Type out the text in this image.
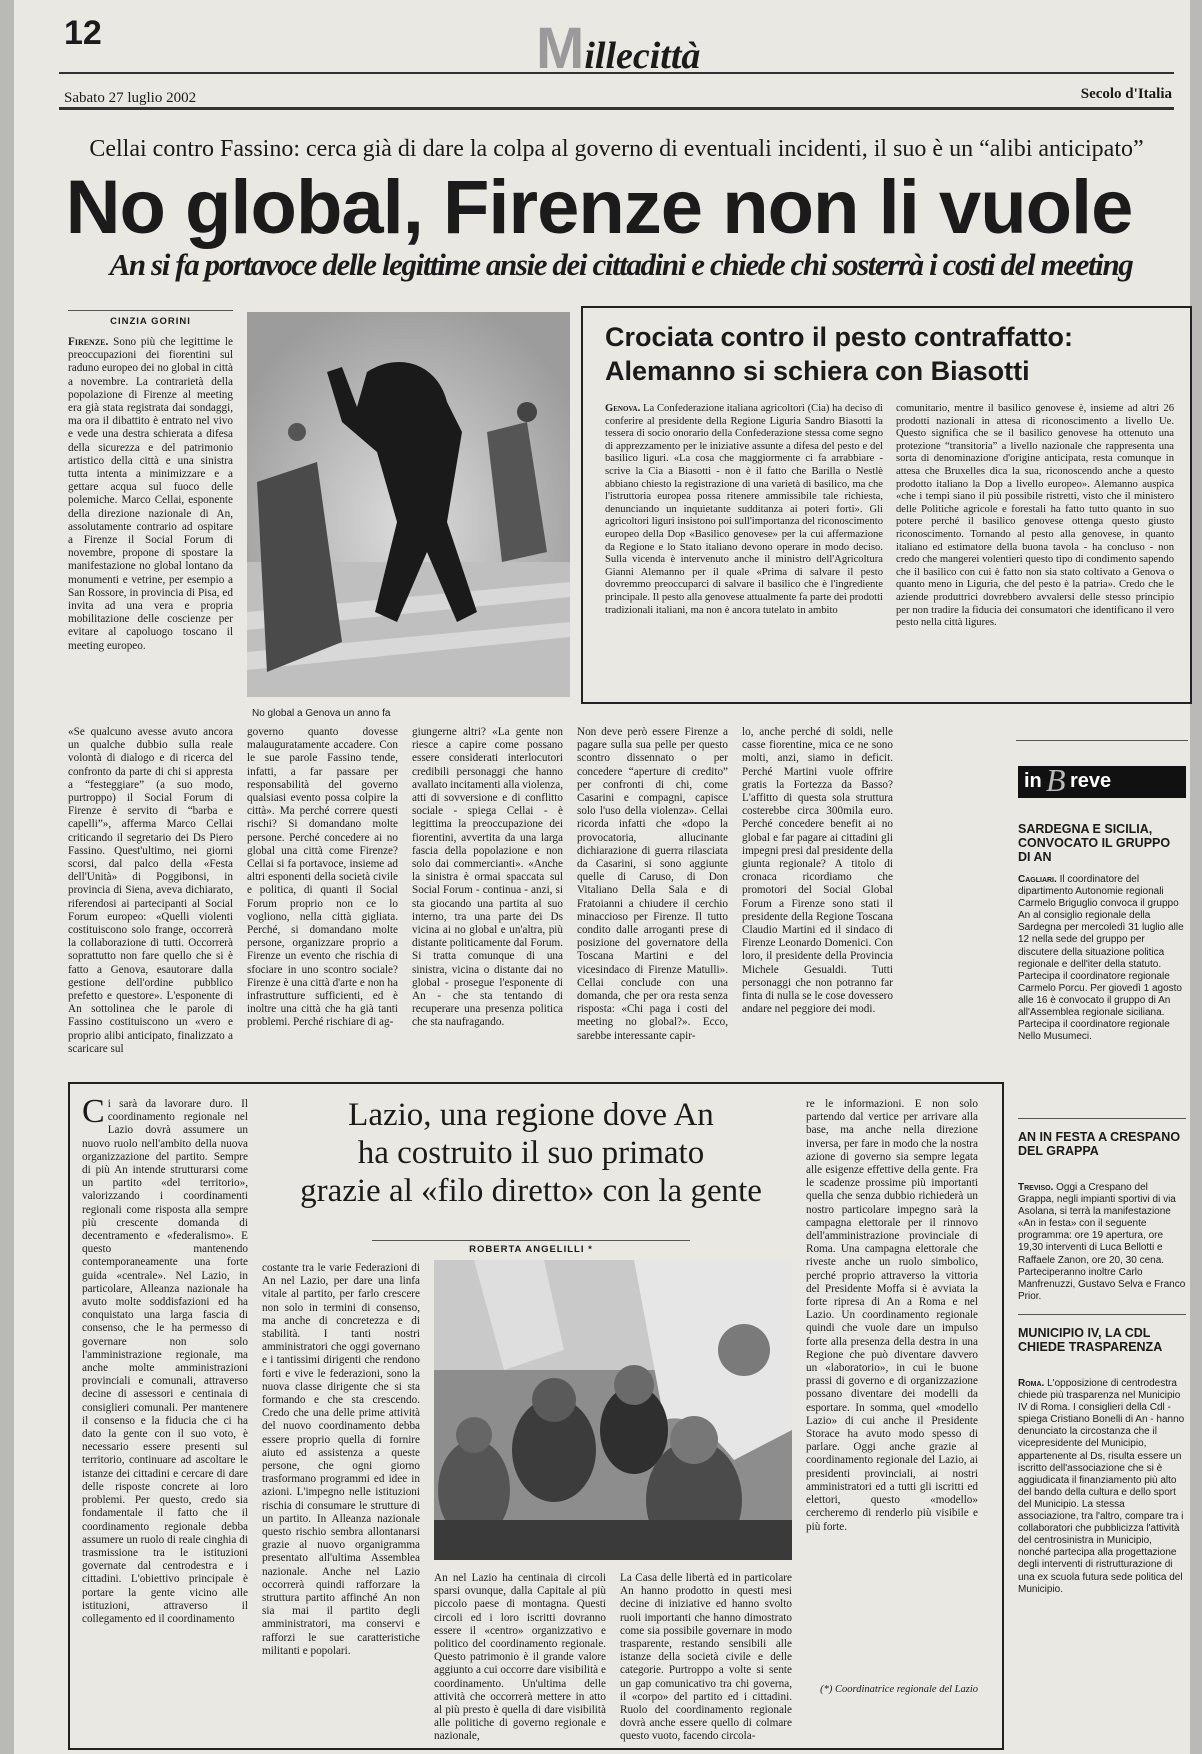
12	Millecittà
Sabato 27 luglio 2002	Secolo d'Italia
Cellai contro Fassino: cerca già di dare la colpa al governo di eventuali incidenti, il suo è un “alibi anticipato”
No global, Firenze non li vuole
An si fa portavoce delle legittime ansie dei cittadini e chiede chi sosterrà i costi del meeting
CINZIA GORINI
Firenze. Sono più che legittime le preoccupazioni dei fiorentini sul raduno europeo dei no global in città a novembre. La contrarietà della popolazione di Firenze al meeting era già stata registrata dai sondaggi, ma ora il dibattito è entrato nel vivo e vede una destra schierata a difesa della sicurezza e del patrimonio artistico della città e una sinistra tutta intenta a minimizzare e a gettare acqua sul fuoco delle polemiche. Marco Cellai, esponente della direzione nazionale di An, assolutamente contrario ad ospitare a Firenze il Social Forum di novembre, propone di spostare la manifestazione no global lontano da monumenti e vetrine, per esempio a San Rossore, in provincia di Pisa, ed invita ad una vera e propria mobilitazione delle coscienze per evitare al capoluogo toscano il meeting europeo.
No global a Genova un anno fa
«Se qualcuno avesse avuto ancora un qualche dubbio sulla reale volontà di dialogo e di ricerca del confronto da parte di chi si appresta a “festeggiare” (a suo modo, purtroppo) il Social Forum di Firenze è servito di “barba e capelli”», afferma Marco Cellai criticando il segretario dei Ds Piero Fassino. Quest'ultimo, nei giorni scorsi, dal palco della «Festa dell'Unità» di Poggibonsi, in provincia di Siena, aveva dichiarato, riferendosi ai partecipanti al Social Forum europeo: «Quelli violenti costituiscono solo frange, occorrerà la collaborazione di tutti. Occorrerà soprattutto non fare quello che si è fatto a Genova, esautorare dalla gestione dell'ordine pubblico prefetto e questore». L'esponente di An sottolinea che le parole di Fassino costituiscono un «vero e proprio alibi anticipato, finalizzato a scaricare sul
governo quanto dovesse malauguratamente accadere. Con le sue parole Fassino tende, infatti, a far passare per responsabilità del governo qualsiasi evento possa colpire la città». Ma perché correre questi rischi? Si domandano molte persone. Perché concedere ai no global una città come Firenze? Cellai si fa portavoce, insieme ad altri esponenti della società civile e politica, di quanti il Social Forum proprio non ce lo vogliono, nella città gigliata. Perché, si domandano molte persone, organizzare proprio a Firenze un evento che rischia di sfociare in uno scontro sociale? Firenze è una città d'arte e non ha infrastrutture sufficienti, ed è inoltre una città che ha già tanti problemi. Perché rischiare di ag-
giungerne altri? «La gente non riesce a capire come possano essere considerati interlocutori credibili personaggi che hanno avallato incitamenti alla violenza, atti di sovversione e di conflitto sociale - spiega Cellai - è legittima la preoccupazione dei fiorentini, avvertita da una larga fascia della popolazione e non solo dai commercianti». «Anche la sinistra è ormai spaccata sul Social Forum - continua - anzi, si sta giocando una partita al suo interno, tra una parte dei Ds vicina ai no global e un'altra, più distante politicamente dal Forum. Si tratta comunque di una sinistra, vicina o distante dai no global - prosegue l'esponente di An - che sta tentando di recuperare una presenza politica che sta naufragando.
Non deve però essere Firenze a pagare sulla sua pelle per questo scontro dissennato o per concedere “aperture di credito” per confronti di chi, come Casarini e compagni, capisce solo l'uso della violenza». Cellai ricorda infatti che «dopo la provocatoria, allucinante dichiarazione di guerra rilasciata da Casarini, si sono aggiunte quelle di Caruso, di Don Vitaliano Della Sala e di Fratoianni a chiudere il cerchio minaccioso per Firenze. Il tutto condito dalle arroganti prese di posizione del governatore della Toscana Martini e del vicesindaco di Firenze Matulli». Cellai conclude con una domanda, che per ora resta senza risposta: «Chi paga i costi del meeting no global?». Ecco, sarebbe interessante capir-
lo, anche perché di soldi, nelle casse fiorentine, mica ce ne sono molti, anzi, siamo in deficit. Perché Martini vuole offrire gratis la Fortezza da Basso? L'affitto di questa sola struttura costerebbe circa 300mila euro. Perché concedere benefit ai no global e far pagare ai cittadini gli impegni presi dal presidente della giunta regionale? A titolo di cronaca ricordiamo che promotori del Social Global Forum a Firenze sono stati il presidente della Regione Toscana Claudio Martini ed il sindaco di Firenze Leonardo Domenici. Con loro, il presidente della Provincia Michele Gesualdi. Tutti personaggi che non potranno far finta di nulla se le cose dovessero andare nel peggiore dei modi.
Crociata contro il pesto contraffatto:
Alemanno si schiera con Biasotti
Genova. La Confederazione italiana agricoltori (Cia) ha deciso di conferire al presidente della Regione Liguria Sandro Biasotti la tessera di socio onorario della Confederazione stessa come segno di apprezzamento per le iniziative assunte a difesa del pesto e del basilico liguri. «La cosa che maggiormente ci fa arrabbiare - scrive la Cia a Biasotti - non è il fatto che Barilla o Nestlè abbiano chiesto la registrazione di una varietà di basilico, ma che l'istruttoria europea possa ritenere ammissibile tale richiesta, denunciando un inquietante sudditanza ai poteri forti». Gli agricoltori liguri insistono poi sull'importanza del riconoscimento europeo della Dop «Basilico genovese» per la cui affermazione da Regione e lo Stato italiano devono operare in modo deciso. Sulla vicenda è intervenuto anche il ministro dell'Agricoltura Gianni Alemanno per il quale «Prima di salvare il pesto dovremmo preoccuparci di salvare il basilico che è l'ingrediente principale. Il pesto alla genovese attualmente fa parte dei prodotti tradizionali italiani, ma non è ancora tutelato in ambito
comunitario, mentre il basilico genovese è, insieme ad altri 26 prodotti nazionali in attesa di riconoscimento a livello Ue. Questo significa che se il basilico genovese ha ottenuto una protezione “transitoria” a livello nazionale che rappresenta una sorta di denominazione d'origine anticipata, resta comunque in attesa che Bruxelles dica la sua, riconoscendo anche a questo prodotto italiano la Dop a livello europeo». Alemanno auspica «che i tempi siano il più possibile ristretti, visto che il ministero delle Politiche agricole e forestali ha fatto tutto quanto in suo potere perché il basilico genovese ottenga questo giusto riconoscimento. Tornando al pesto alla genovese, in quanto italiano ed estimatore della buona tavola - ha concluso - non credo che mangerei volentieri questo tipo di condimento sapendo che il basilico con cui è fatto non sia stato coltivato a Genova o quanto meno in Liguria, che del pesto è la patria». Credo che le aziende produttrici dovrebbero avvalersi delle stesso principio per non tradire la fiducia dei consumatori che identificano il vero pesto nella città ligures.
in B reve
SARDEGNA E SICILIA, CONVOCATO IL GRUPPO DI AN
Cagliari. Il coordinatore del dipartimento Autonomie regionali Carmelo Briguglio convoca il gruppo An al consiglio regionale della Sardegna per mercoledì 31 luglio alle 12 nella sede del gruppo per discutere della situazione politica regionale e dell'iter della statuto. Partecipa il coordinatore regionale Carmelo Porcu. Per giovedì 1 agosto alle 16 è convocato il gruppo di An all'Assemblea regionale siciliana. Partecipa il coordinatore regionale Nello Musumeci.
AN IN FESTA A CRESPANO DEL GRAPPA
Treviso. Oggi a Crespano del Grappa, negli impianti sportivi di via Asolana, si terrà la manifestazione «An in festa» con il seguente programma: ore 19 apertura, ore 19,30 interventi di Luca Bellotti e Raffaele Zanon, ore 20, 30 cena. Parteciperanno inoltre Carlo Manfrenuzzi, Gustavo Selva e Franco Prior.
MUNICIPIO IV, LA CDL CHIEDE TRASPARENZA
Roma. L'opposizione di centrodestra chiede più trasparenza nel Municipio IV di Roma. I consiglieri della Cdl - spiega Cristiano Bonelli di An - hanno denunciato la circostanza che il vicepresidente del Municipio, appartenente al Ds, risulta essere un iscritto dell'associazione che si è aggiudicata il finanziamento più alto del bando della cultura e dello sport del Municipio. La stessa associazione, tra l'altro, compare tra i collaboratori che pubblicizza l'attività del centrosinistra in Municipio, nonché partecipa alla progettazione degli interventi di ristrutturazione di una ex scuola futura sede politica del Municipio.
Ci sarà da lavorare duro. Il coordinamento regionale nel Lazio dovrà assumere un nuovo ruolo nell'ambito della nuova organizzazione del partito. Sempre di più An intende strutturarsi come un partito «del territorio», valorizzando i coordinamenti regionali come risposta alla sempre più crescente domanda di decentramento e «federalismo». E questo mantenendo contemporaneamente una forte guida «centrale». Nel Lazio, in particolare, Alleanza nazionale ha avuto molte soddisfazioni ed ha conquistato una larga fascia di consenso, che le ha permesso di governare non solo l'amministrazione regionale, ma anche molte amministrazioni provinciali e comunali, attraverso decine di assessori e centinaia di consiglieri comunali. Per mantenere il consenso e la fiducia che ci ha dato la gente con il suo voto, è necessario essere presenti sul territorio, continuare ad ascoltare le istanze dei cittadini e cercare di dare delle risposte concrete ai loro problemi. Per questo, credo sia fondamentale il fatto che il coordinamento regionale debba assumere un ruolo di reale cinghia di trasmissione tra le istituzioni governate dal centrodestra e i cittadini. L'obiettivo principale è portare la gente vicino alle istituzioni, attraverso il collegamento ed il coordinamento
Lazio, una regione dove An
ha costruito il suo primato
grazie al «filo diretto» con la gente
ROBERTA ANGELILLI *
costante tra le varie Federazioni di An nel Lazio, per dare una linfa vitale al partito, per farlo crescere non solo in termini di consenso, ma anche di concretezza e di stabilità. I tanti nostri amministratori che oggi governano e i tantissimi dirigenti che rendono forti e vive le federazioni, sono la nuova classe dirigente che si sta formando e che sta crescendo. Credo che una delle prime attività del nuovo coordinamento debba essere proprio quella di fornire aiuto ed assistenza a queste persone, che ogni giorno trasformano programmi ed idee in azioni. L'impegno nelle istituzioni rischia di consumare le strutture di un partito. In Alleanza nazionale questo rischio sembra allontanarsi grazie al nuovo organigramma presentato all'ultima Assemblea nazionale. Anche nel Lazio occorrerà quindi rafforzare la struttura partito affinché An non sia mai il partito degli amministratori, ma conservi e rafforzi le sue caratteristiche militanti e popolari.
An nel Lazio ha centinaia di circoli sparsi ovunque, dalla Capitale al più piccolo paese di montagna. Questi circoli ed i loro iscritti dovranno essere il «centro» organizzativo e politico del coordinamento regionale. Questo patrimonio è il grande valore aggiunto a cui occorre dare visibilità e coordinamento. Un'ultima delle attività che occorrerà mettere in atto al più presto è quella di dare visibilità alle politiche di governo regionale e nazionale,
La Casa delle libertà ed in particolare An hanno prodotto in questi mesi decine di iniziative ed hanno svolto ruoli importanti che hanno dimostrato come sia possibile governare in modo trasparente, restando sensibili alle istanze della società civile e delle categorie. Purtroppo a volte si sente un gap comunicativo tra chi governa, il «corpo» del partito ed i cittadini. Ruolo del coordinamento regionale dovrà anche essere quello di colmare questo vuoto, facendo circola-
re le informazioni. E non solo partendo dal vertice per arrivare alla base, ma anche nella direzione inversa, per fare in modo che la nostra azione di governo sia sempre legata alle esigenze effettive della gente. Fra le scadenze prossime più importanti quella che senza dubbio richiederà un nostro particolare impegno sarà la campagna elettorale per il rinnovo dell'amministrazione provinciale di Roma. Una campagna elettorale che riveste anche un ruolo simbolico, perché proprio attraverso la vittoria del Presidente Moffa si è avviata la forte ripresa di An a Roma e nel Lazio. Un coordinamento regionale quindi che vuole dare un impulso forte alla presenza della destra in una Regione che può diventare davvero un «laboratorio», in cui le buone prassi di governo e di organizzazione possano diventare dei modelli da esportare. In somma, quel «modello Lazio» di cui anche il Presidente Storace ha avuto modo spesso di parlare. Oggi anche grazie al coordinamento regionale del Lazio, ai presidenti provinciali, ai nostri amministratori ed a tutti gli iscritti ed elettori, questo «modello» cercheremo di renderlo più visibile e più forte.
(*) Coordinatrice regionale del Lazio
